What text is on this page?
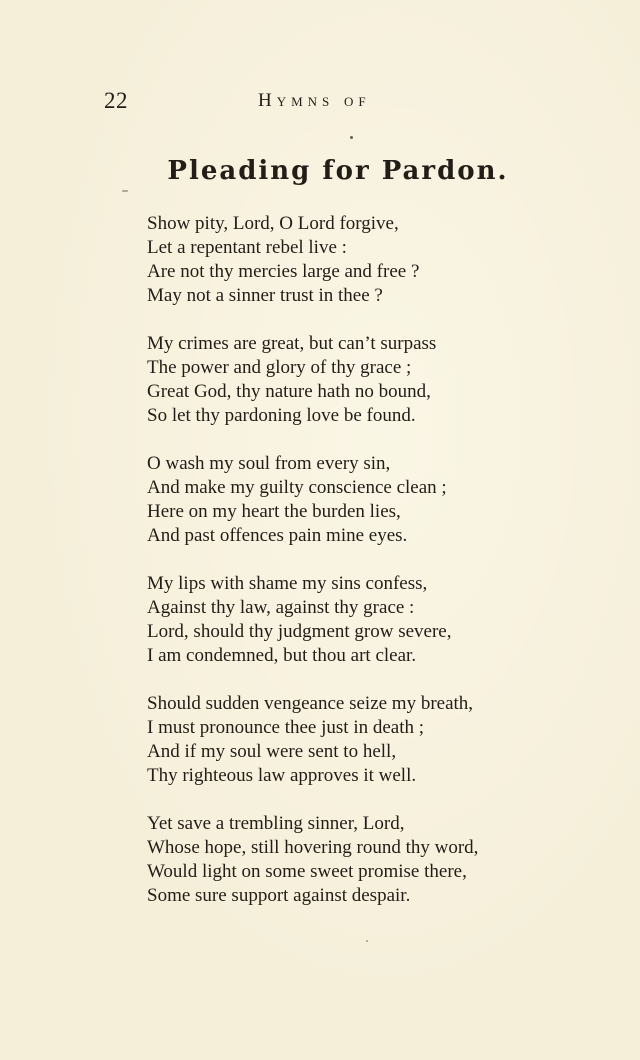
22	Hymns of
Pleading for Pardon.
Show pity, Lord, O Lord forgive,
Let a repentant rebel live :
Are not thy mercies large and free ?
May not a sinner trust in thee ?
My crimes are great, but can’t surpass
The power and glory of thy grace ;
Great God, thy nature hath no bound,
So let thy pardoning love be found.
O wash my soul from every sin,
And make my guilty conscience clean ;
Here on my heart the burden lies,
And past offences pain mine eyes.
My lips with shame my sins confess,
Against thy law, against thy grace :
Lord, should thy judgment grow severe,
I am condemned, but thou art clear.
Should sudden vengeance seize my breath,
I must pronounce thee just in death ;
And if my soul were sent to hell,
Thy righteous law approves it well.
Yet save a trembling sinner, Lord,
Whose hope, still hovering round thy word,
Would light on some sweet promise there,
Some sure support against despair.
